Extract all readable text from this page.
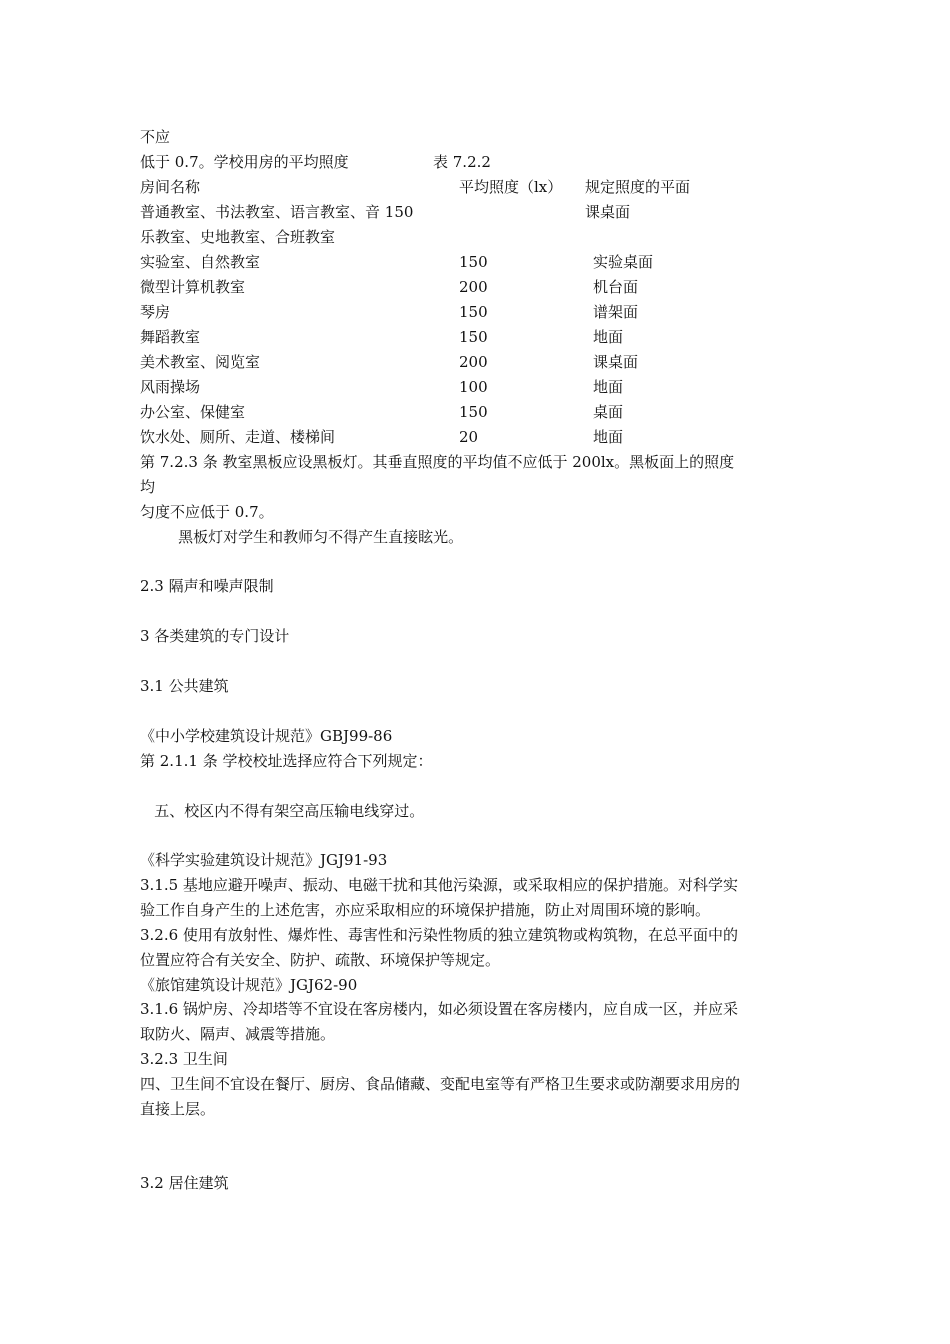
不应
低于 0.7。学校用房的平均照度	表 7.2.2
房间名称	平均照度（lx） 规定照度的平面
普通教室、书法教室、语言教室、音 150	课桌面
乐教室、史地教室、合班教室
实验室、自然教室	150	实验桌面
微型计算机教室	200	机台面
琴房	150	谱架面
舞蹈教室	150	地面
美术教室、阅览室	200	课桌面
风雨操场	100	地面
办公室、保健室	150	桌面
饮水处、厕所、走道、楼梯间	20	地面
第 7.2.3 条 教室黑板应设黑板灯。其垂直照度的平均值不应低于 200lx。黑板面上的照度
均
匀度不应低于 0.7。
黑板灯对学生和教师匀不得产生直接眩光。
2.3 隔声和噪声限制
3 各类建筑的专门设计
3.1 公共建筑
《中小学校建筑设计规范》GBJ99-86
第 2.1.1 条 学校校址选择应符合下列规定：
五、校区内不得有架空高压输电线穿过。
《科学实验建筑设计规范》JGJ91-93
3.1.5 基地应避开噪声、振动、电磁干扰和其他污染源，或采取相应的保护措施。对科学实
验工作自身产生的上述危害，亦应采取相应的环境保护措施，防止对周围环境的影响。
3.2.6 使用有放射性、爆炸性、毒害性和污染性物质的独立建筑物或构筑物，在总平面中的
位置应符合有关安全、防护、疏散、环境保护等规定。
《旅馆建筑设计规范》JGJ62-90
3.1.6 锅炉房、冷却塔等不宜设在客房楼内，如必须设置在客房楼内，应自成一区，并应采
取防火、隔声、减震等措施。
3.2.3 卫生间
四、卫生间不宜设在餐厅、厨房、食品储藏、变配电室等有严格卫生要求或防潮要求用房的
直接上层。
3.2 居住建筑
